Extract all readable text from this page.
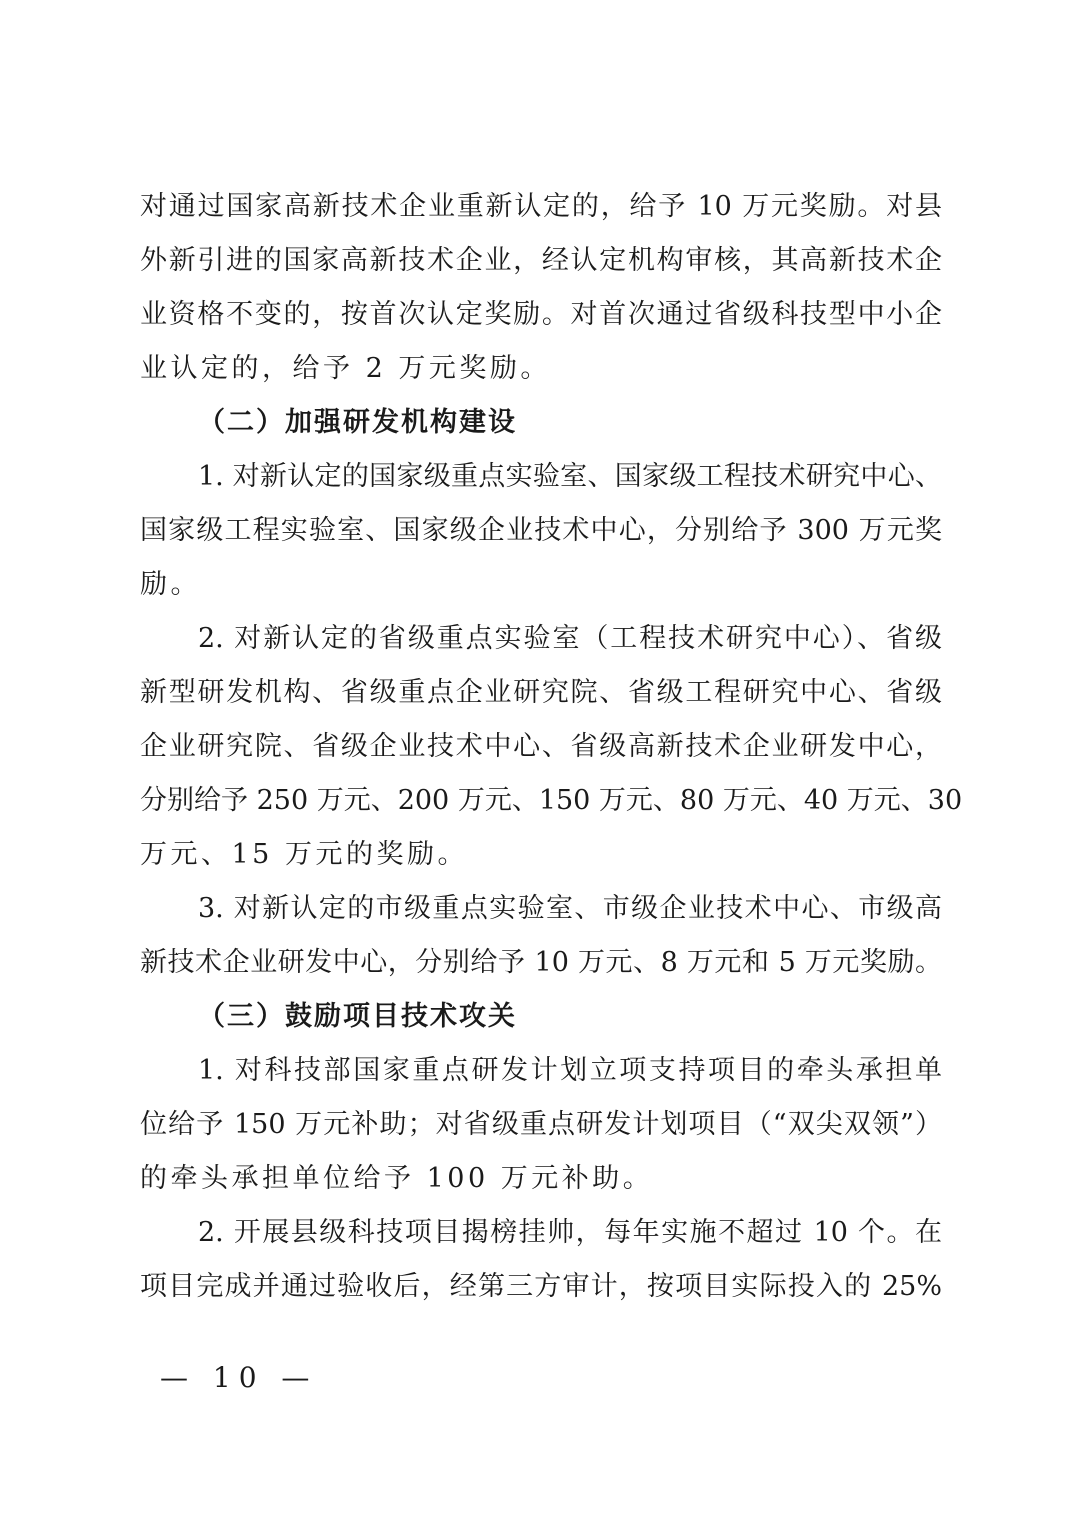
对通过国家高新技术企业重新认定的，给予 10 万元奖励。对县
外新引进的国家高新技术企业，经认定机构审核，其高新技术企
业资格不变的，按首次认定奖励。对首次通过省级科技型中小企
业认定的，给予 2 万元奖励。
（二）加强研发机构建设
1. 对新认定的国家级重点实验室、国家级工程技术研究中心、
国家级工程实验室、国家级企业技术中心，分别给予 300 万元奖
励。
2. 对新认定的省级重点实验室（工程技术研究中心）、省级
新型研发机构、省级重点企业研究院、省级工程研究中心、省级
企业研究院、省级企业技术中心、省级高新技术企业研发中心，
分别给予 250 万元、200 万元、150 万元、80 万元、40 万元、30
万元、15 万元的奖励。
3. 对新认定的市级重点实验室、市级企业技术中心、市级高
新技术企业研发中心，分别给予 10 万元、8 万元和 5 万元奖励。
（三）鼓励项目技术攻关
1. 对科技部国家重点研发计划立项支持项目的牵头承担单
位给予 150 万元补助；对省级重点研发计划项目（“双尖双领”）
的牵头承担单位给予 100 万元补助。
2. 开展县级科技项目揭榜挂帅，每年实施不超过 10 个。在
项目完成并通过验收后，经第三方审计，按项目实际投入的 25%
— 10 —
